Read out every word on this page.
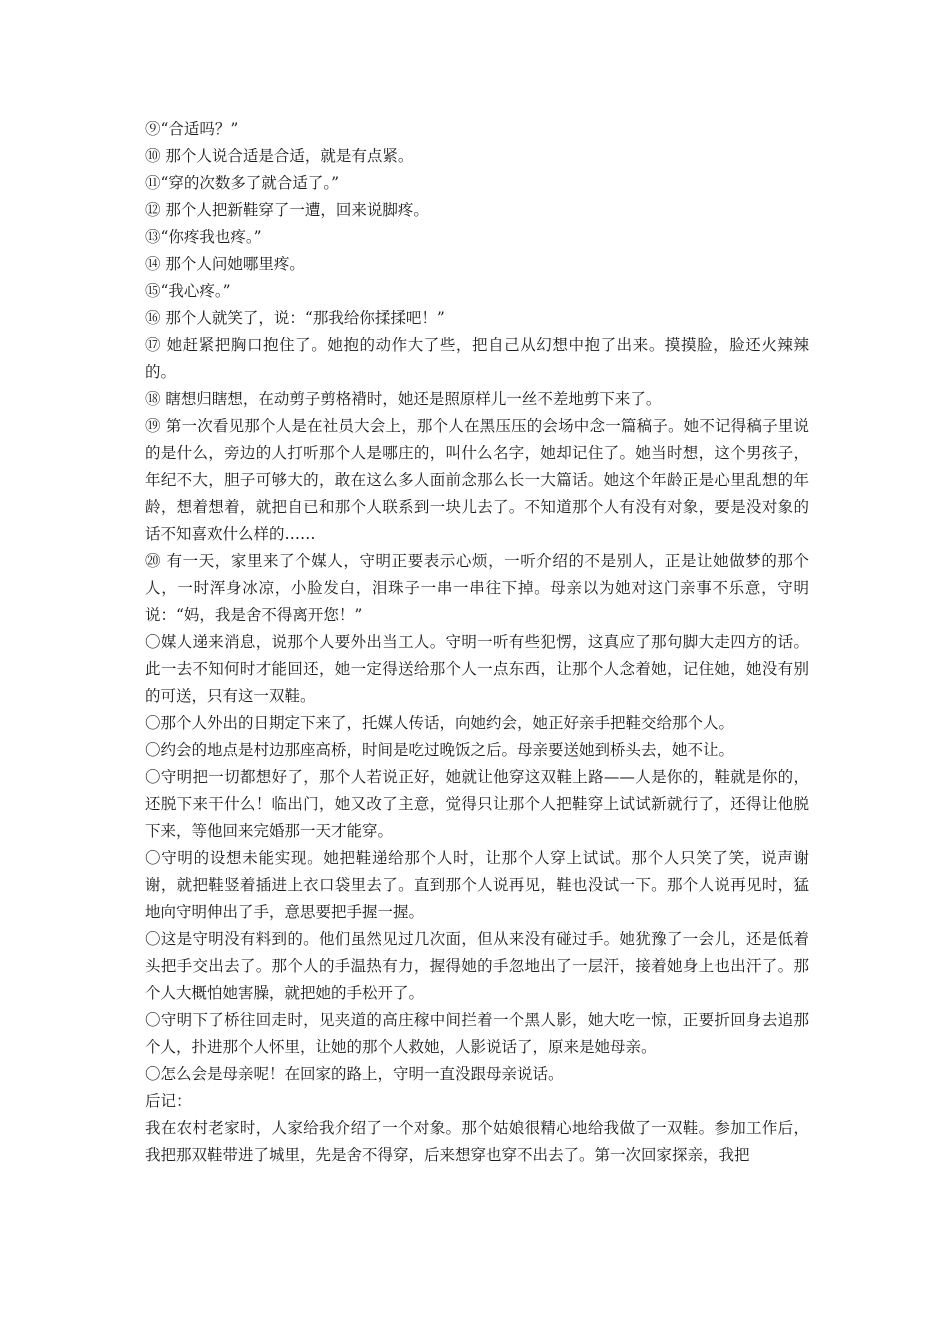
⑨“合适吗？”

⑩ 那个人说合适是合适，就是有点紧。

⑪“穿的次数多了就合适了。”

⑫ 那个人把新鞋穿了一遭，回来说脚疼。

⑬“你疼我也疼。”

⑭ 那个人问她哪里疼。

⑮“我心疼。”

⑯ 那个人就笑了，说：“那我给你揉揉吧！”

⑰ 她赶紧把胸口抱住了。她抱的动作大了些，把自己从幻想中抱了出来。摸摸脸，脸还火辣辣的。

⑱ 瞎想归瞎想，在动剪子剪格褙时，她还是照原样儿一丝不差地剪下来了。

⑲ 第一次看见那个人是在社员大会上，那个人在黑压压的会场中念一篇稿子。她不记得稿子里说的是什么，旁边的人打听那个人是哪庄的，叫什么名字，她却记住了。她当时想，这个男孩子，年纪不大，胆子可够大的，敢在这么多人面前念那么长一大篇话。她这个年龄正是心里乱想的年龄，想着想着，就把自已和那个人联系到一块儿去了。不知道那个人有没有对象，要是没对象的话不知喜欢什么样的……

⑳ 有一天，家里来了个媒人，守明正要表示心烦，一听介绍的不是别人，正是让她做梦的那个人，一时浑身冰凉，小脸发白，泪珠子一串一串往下掉。母亲以为她对这门亲事不乐意，守明说：“妈，我是舍不得离开您！”

〇媒人递来消息，说那个人要外出当工人。守明一听有些犯愣，这真应了那句脚大走四方的话。此一去不知何时才能回还，她一定得送给那个人一点东西，让那个人念着她，记住她，她没有别的可送，只有这一双鞋。

〇那个人外出的日期定下来了，托媒人传话，向她约会，她正好亲手把鞋交给那个人。

〇约会的地点是村边那座高桥，时间是吃过晚饭之后。母亲要送她到桥头去，她不让。

〇守明把一切都想好了，那个人若说正好，她就让他穿这双鞋上路——人是你的，鞋就是你的，还脱下来干什么！临出门，她又改了主意，觉得只让那个人把鞋穿上试试新就行了，还得让他脱下来，等他回来完婚那一天才能穿。

〇守明的设想未能实现。她把鞋递给那个人时，让那个人穿上试试。那个人只笑了笑，说声谢谢，就把鞋竖着插进上衣口袋里去了。直到那个人说再见，鞋也没试一下。那个人说再见时，猛地向守明伸出了手，意思要把手握一握。

〇这是守明没有料到的。他们虽然见过几次面，但从来没有碰过手。她犹豫了一会儿，还是低着头把手交出去了。那个人的手温热有力，握得她的手忽地出了一层汗，接着她身上也出汗了。那个人大概怕她害臊，就把她的手松开了。

〇守明下了桥往回走时，见夹道的高庄稼中间拦着一个黑人影，她大吃一惊，正要折回身去追那个人，扑进那个人怀里，让她的那个人救她，人影说话了，原来是她母亲。

〇怎么会是母亲呢！在回家的路上，守明一直没跟母亲说话。

后记：

我在农村老家时，人家给我介绍了一个对象。那个姑娘很精心地给我做了一双鞋。参加工作后，我把那双鞋带进了城里，先是舍不得穿，后来想穿也穿不出去了。第一次回家探亲，我把
